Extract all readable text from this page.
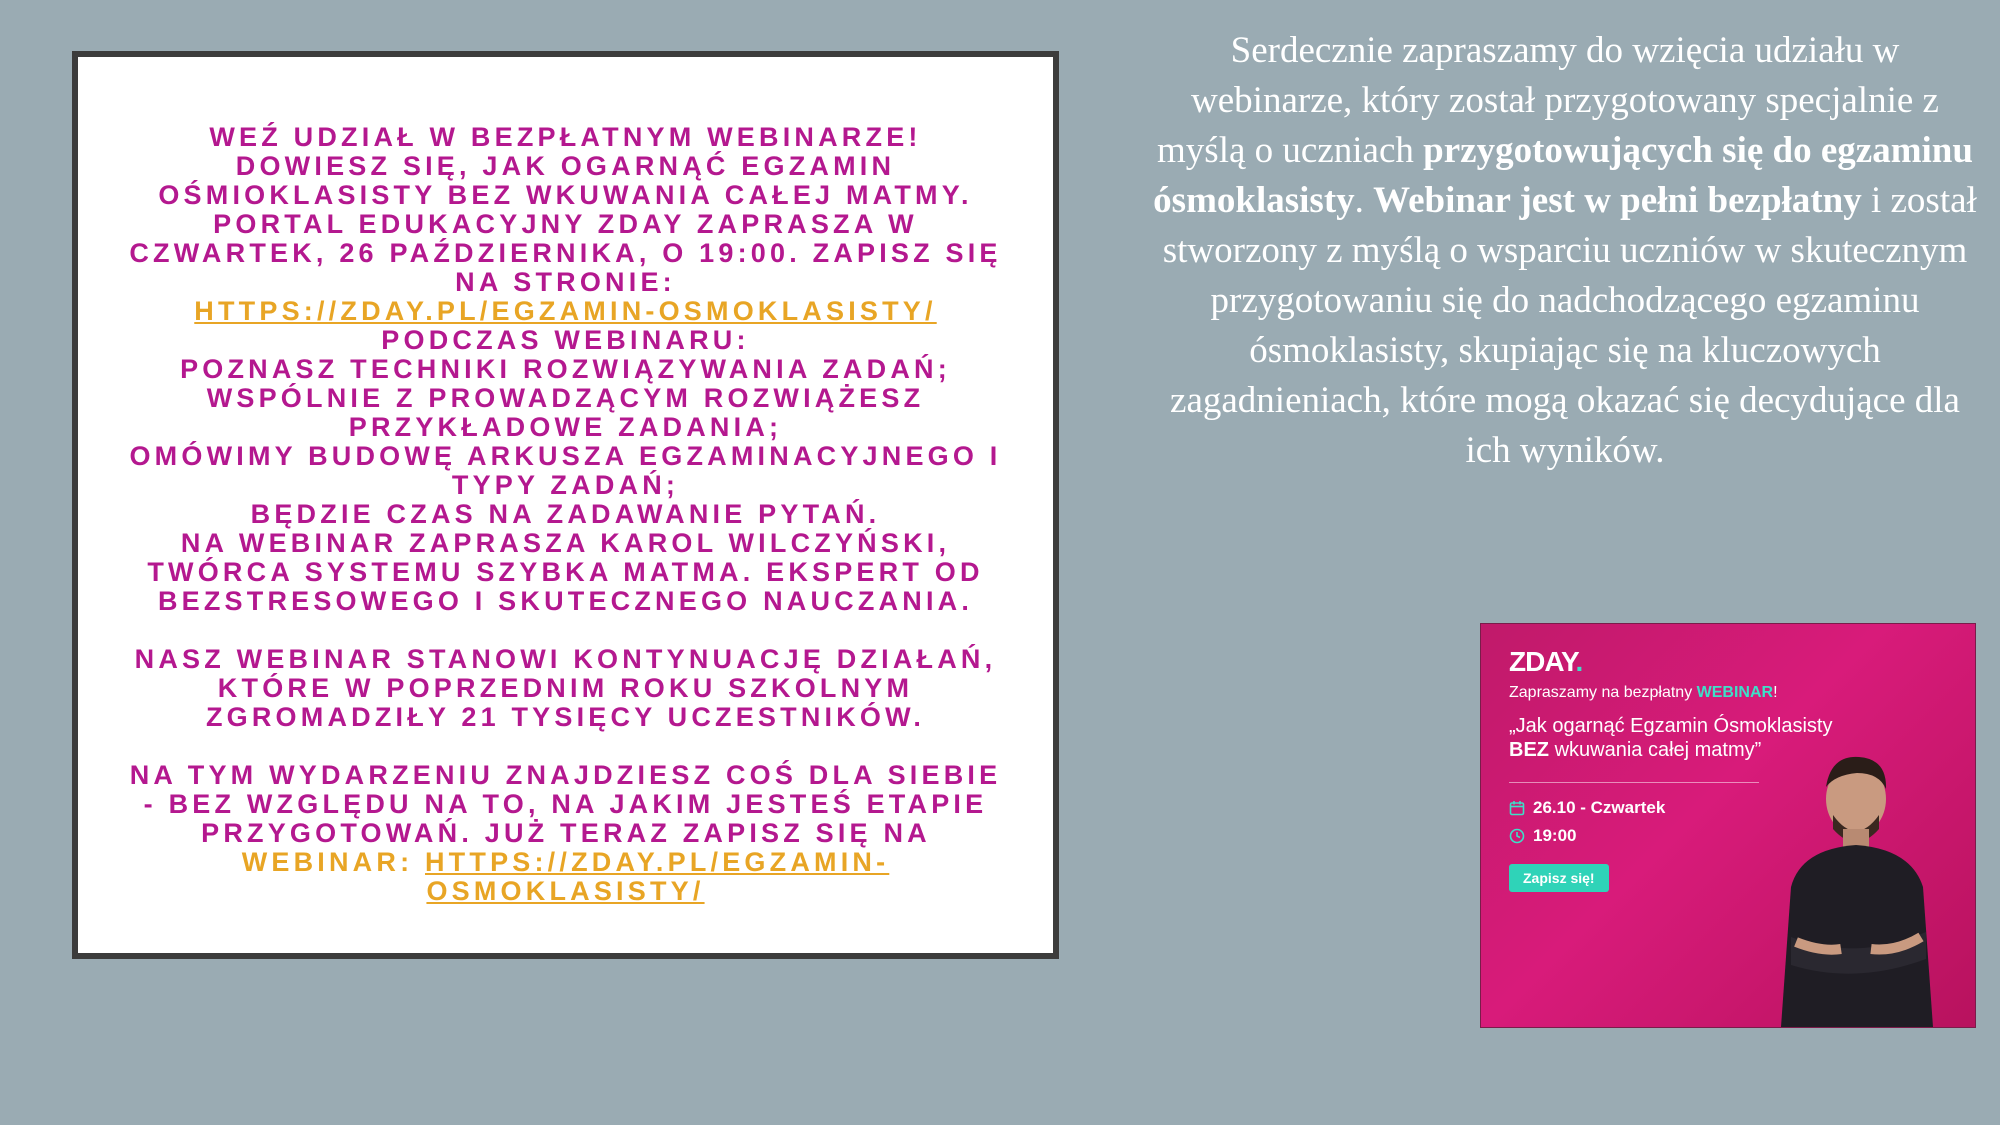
WEŹ UDZIAŁ W BEZPŁATNYM WEBINARZE! DOWIESZ SIĘ, JAK OGARNĄĆ EGZAMIN OŚMIOKLASISTY BEZ WKUWANIA CAŁEJ MATMY. PORTAL EDUKACYJNY ZDAY ZAPRASZA W CZWARTEK, 26 PAŹDZIERNIKA, O 19:00. ZAPISZ SIĘ NA STRONIE:
HTTPS://ZDAY.PL/EGZAMIN-OSMOKLASISTY/

PODCZAS WEBINARU:

POZNASZ TECHNIKI ROZWIĄZYWANIA ZADAŃ;

WSPÓLNIE Z PROWADZĄCYM ROZWIĄŻESZ PRZYKŁADOWE ZADANIA;

OMÓWIMY BUDOWĘ ARKUSZA EGZAMINACYJNEGO I TYPY ZADAŃ;

BĘDZIE CZAS NA ZADAWANIE PYTAŃ.

NA WEBINAR ZAPRASZA KAROL WILCZYŃSKI, TWÓRCA SYSTEMU SZYBKA MATMA. EKSPERT OD BEZSTRESOWEGO I SKUTECZNEGO NAUCZANIA.

NASZ WEBINAR STANOWI KONTYNUACJĘ DZIAŁAŃ, KTÓRE W POPRZEDNIM ROKU SZKOLNYM ZGROMADZIŁY 21 TYSIĘCY UCZESTNIKÓW.

NA TYM WYDARZENIU ZNAJDZIESZ COŚ DLA SIEBIE - BEZ WZGLĘDU NA TO, NA JAKIM JESTEŚ ETAPIE PRZYGOTOWAŃ. JUŻ TERAZ ZAPISZ SIĘ NA WEBINAR: HTTPS://ZDAY.PL/EGZAMIN-OSMOKLASISTY/

Serdecznie zapraszamy do wzięcia udziału w webinarze, który został przygotowany specjalnie z myślą o uczniach przygotowujących się do egzaminu ósmoklasisty. Webinar jest w pełni bezpłatny i został stworzony z myślą o wsparciu uczniów w skutecznym przygotowaniu się do nadchodzącego egzaminu ósmoklasisty, skupiając się na kluczowych zagadnieniach, które mogą okazać się decydujące dla ich wyników.
ZDAY.
Zapraszamy na bezpłatny WEBINAR!
„Jak ogarnąć Egzamin Ósmoklasisty
BEZ wkuwania całej matmy”
26.10 - Czwartek
19:00
Zapisz się!
